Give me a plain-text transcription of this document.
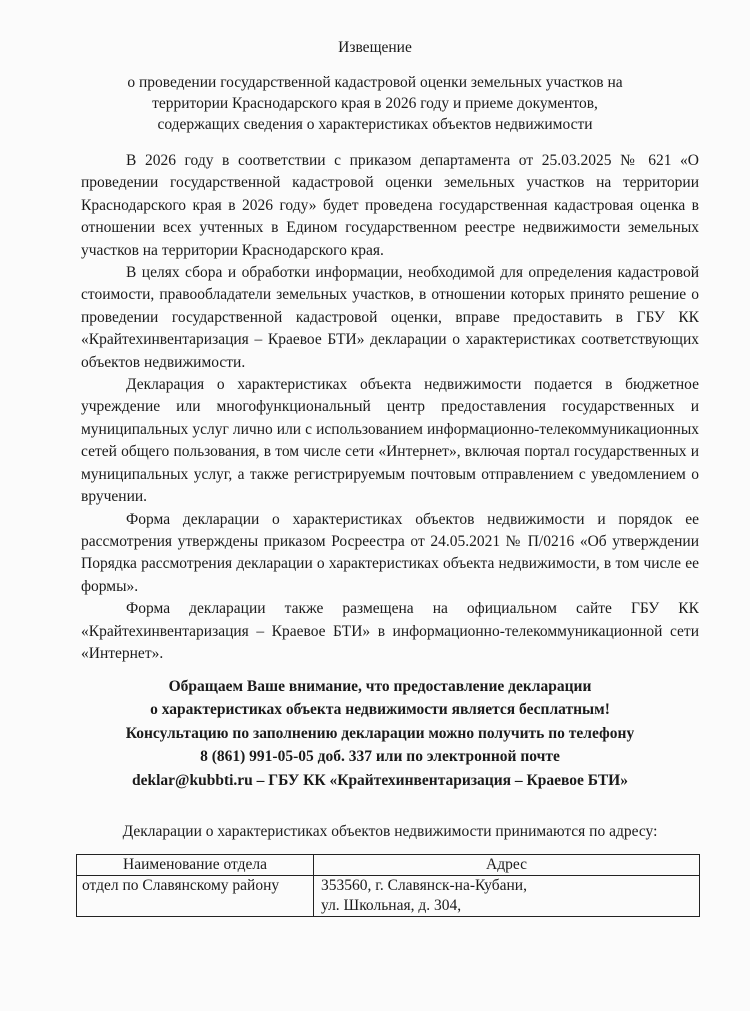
Извещение
о проведении государственной кадастровой оценки земельных участков на
территории Краснодарского края в 2026 году и приеме документов,
содержащих сведения о характеристиках объектов недвижимости

В 2026 году в соответствии с приказом департамента от 25.03.2025 № 621 «О проведении государственной кадастровой оценки земельных участков на территории Краснодарского края в 2026 году» будет проведена государственная кадастровая оценка в отношении всех учтенных в Едином государственном реестре недвижимости земельных участков на территории Краснодарского края.

В целях сбора и обработки информации, необходимой для определения кадастровой стоимости, правообладатели земельных участков, в отношении которых принято решение о проведении государственной кадастровой оценки, вправе предоставить в ГБУ КК «Крайтехинвентаризация – Краевое БТИ» декларации о характеристиках соответствующих объектов недвижимости.

Декларация о характеристиках объекта недвижимости подается в бюджетное учреждение или многофункциональный центр предоставления государственных и муниципальных услуг лично или с использованием информационно-телекоммуникационных сетей общего пользования, в том числе сети «Интернет», включая портал государственных и муниципальных услуг, а также регистрируемым почтовым отправлением с уведомлением о вручении.

Форма декларации о характеристиках объектов недвижимости и порядок ее рассмотрения утверждены приказом Росреестра от 24.05.2021 № П/0216 «Об утверждении Порядка рассмотрения декларации о характеристиках объекта недвижимости, в том числе ее формы».

Форма декларации также размещена на официальном сайте ГБУ КК «Крайтехинвентаризация – Краевое БТИ» в информационно-телекоммуникационной сети «Интернет».

Обращаем Ваше внимание, что предоставление декларации
о характеристиках объекта недвижимости является бесплатным!
Консультацию по заполнению декларации можно получить по телефону
8 (861) 991-05-05 доб. 337 или по электронной почте
deklar@kubbti.ru – ГБУ КК «Крайтехинвентаризация – Краевое БТИ»
Декларации о характеристиках объектов недвижимости принимаются по адресу:
Наименование отдела	Адрес
отдел по Славянскому району	353560, г. Славянск-на-Кубани,
ул. Школьная, д. 304,
